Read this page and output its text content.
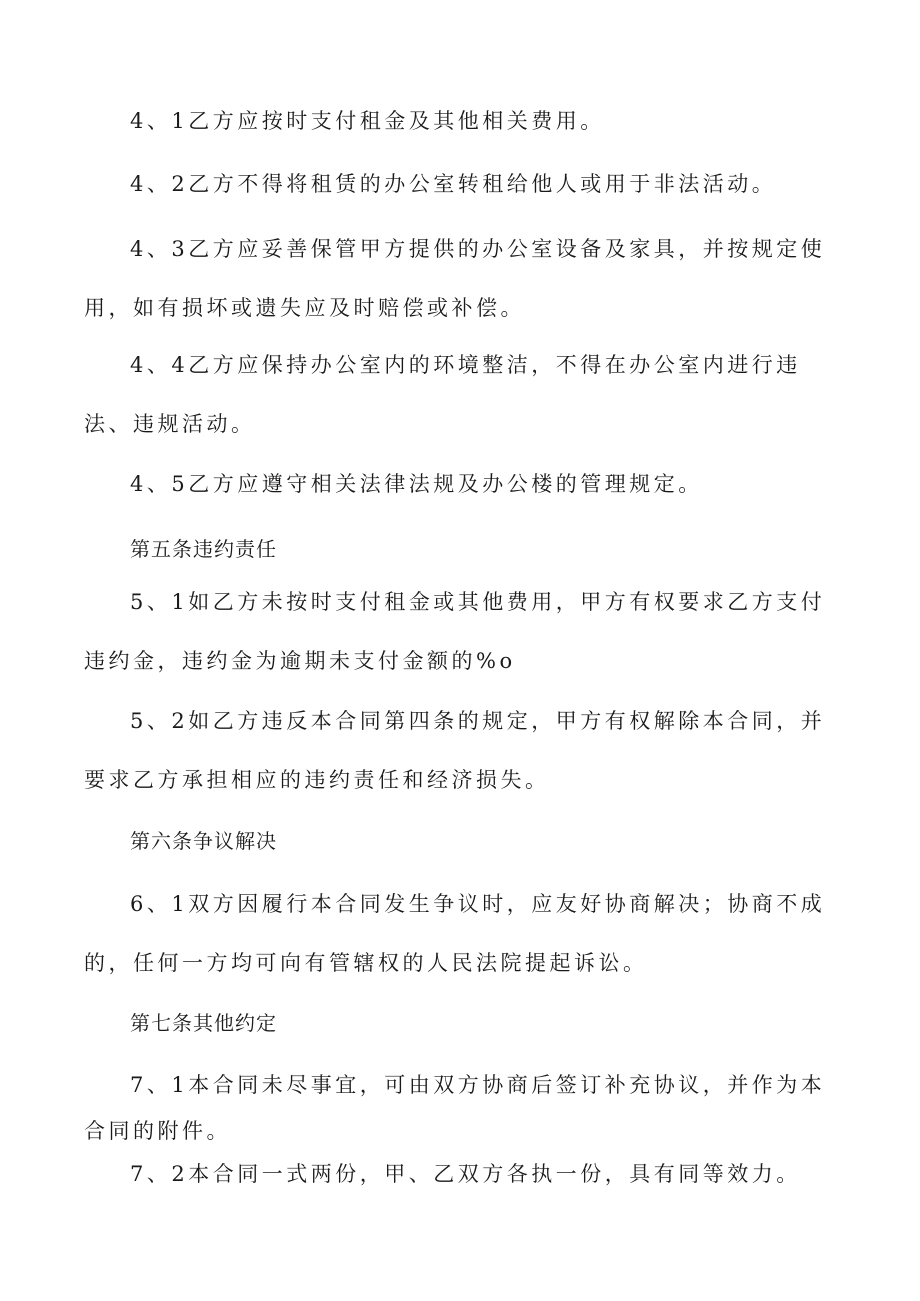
4、1乙方应按时支付租金及其他相关费用。

4、2乙方不得将租赁的办公室转租给他人或用于非法活动。

4、3乙方应妥善保管甲方提供的办公室设备及家具，并按规定使用，如有损坏或遗失应及时赔偿或补偿。

4、4乙方应保持办公室内的环境整洁，不得在办公室内进行违法、违规活动。

4、5乙方应遵守相关法律法规及办公楼的管理规定。

第五条违约责任

5、1如乙方未按时支付租金或其他费用，甲方有权要求乙方支付违约金，违约金为逾期未支付金额的%o

5、2如乙方违反本合同第四条的规定，甲方有权解除本合同，并要求乙方承担相应的违约责任和经济损失。

第六条争议解决

6、1双方因履行本合同发生争议时，应友好协商解决；协商不成的，任何一方均可向有管辖权的人民法院提起诉讼。

第七条其他约定

7、1本合同未尽事宜，可由双方协商后签订补充协议，并作为本合同的附件。

7、2本合同一式两份，甲、乙双方各执一份，具有同等效力。
